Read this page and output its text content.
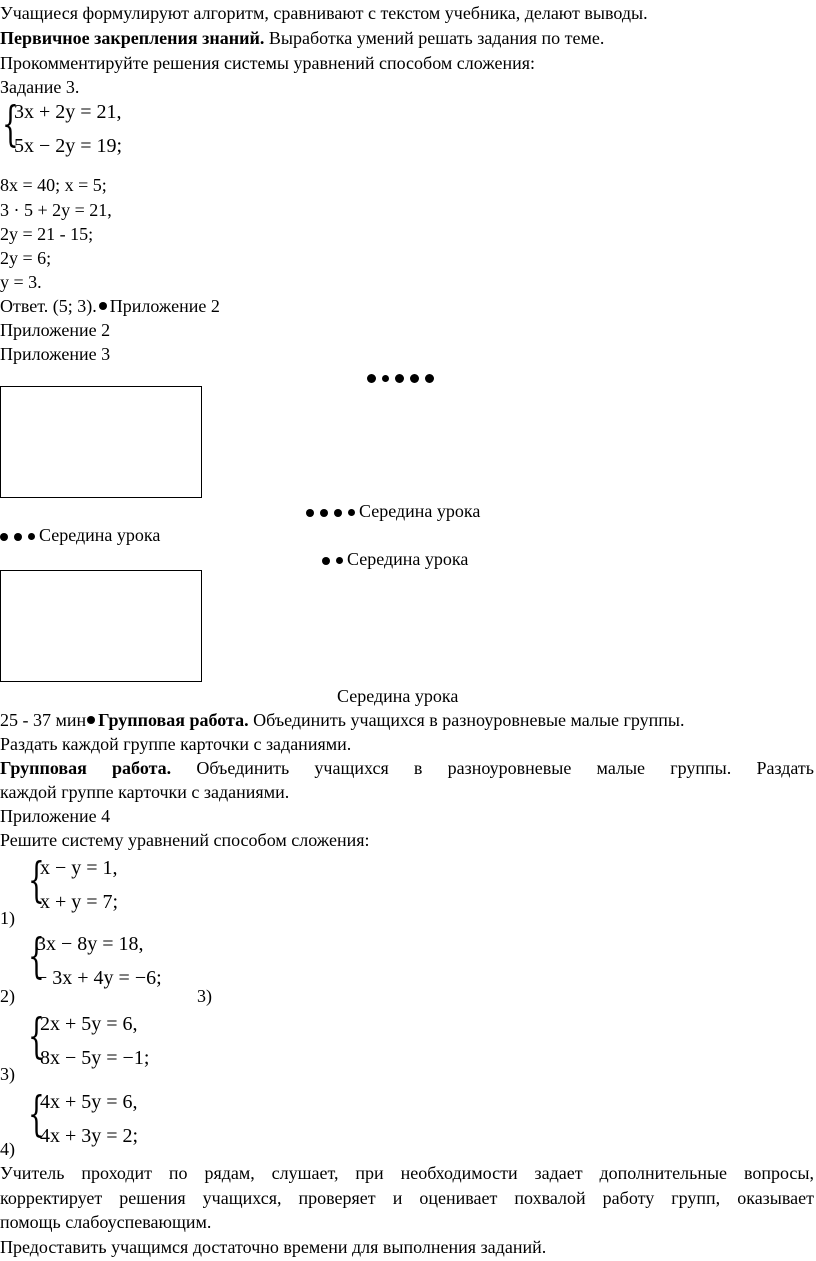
Учащиеся формулируют алгоритм, сравнивают с текстом учебника, делают выводы.
Первичное закрепления знаний. Выработка умений решать задания по теме.
Прокомментируйте решения системы уравнений способом сложения:
Задание 3.
{
3x + 2y = 21,
5x − 2y = 19;
8x = 40; x = 5;
3 · 5 + 2y = 21,
2y = 21 - 15;
2y = 6;
y = 3.
Ответ. (5; 3). Приложение 2
Приложение 2
Приложение 3
Середина урока
Середина урока
Середина урока
Середина урока
25 - 37 мин Групповая работа. Объединить учащихся в разноуровневые малые группы.
Раздать каждой группе карточки с заданиями.
Групповая работа. Объединить учащихся в разноуровневые малые группы. Раздать
каждой группе карточки с заданиями.
Приложение 4
Решите систему уравнений способом сложения:
{
x − y = 1,
x + y = 7;
1)
{
3x − 8y = 18,
− 3x + 4y = −6;
2)	3)
{
2x + 5y = 6,
8x − 5y = −1;
3)
{
4x + 5y = 6,
4x + 3y = 2;
4)
Учитель проходит по рядам, слушает, при необходимости задает дополнительные вопросы,
корректирует решения учащихся, проверяет и оценивает похвалой работу групп, оказывает
помощь слабоуспевающим.
Предоставить учащимся достаточно времени для выполнения заданий.
